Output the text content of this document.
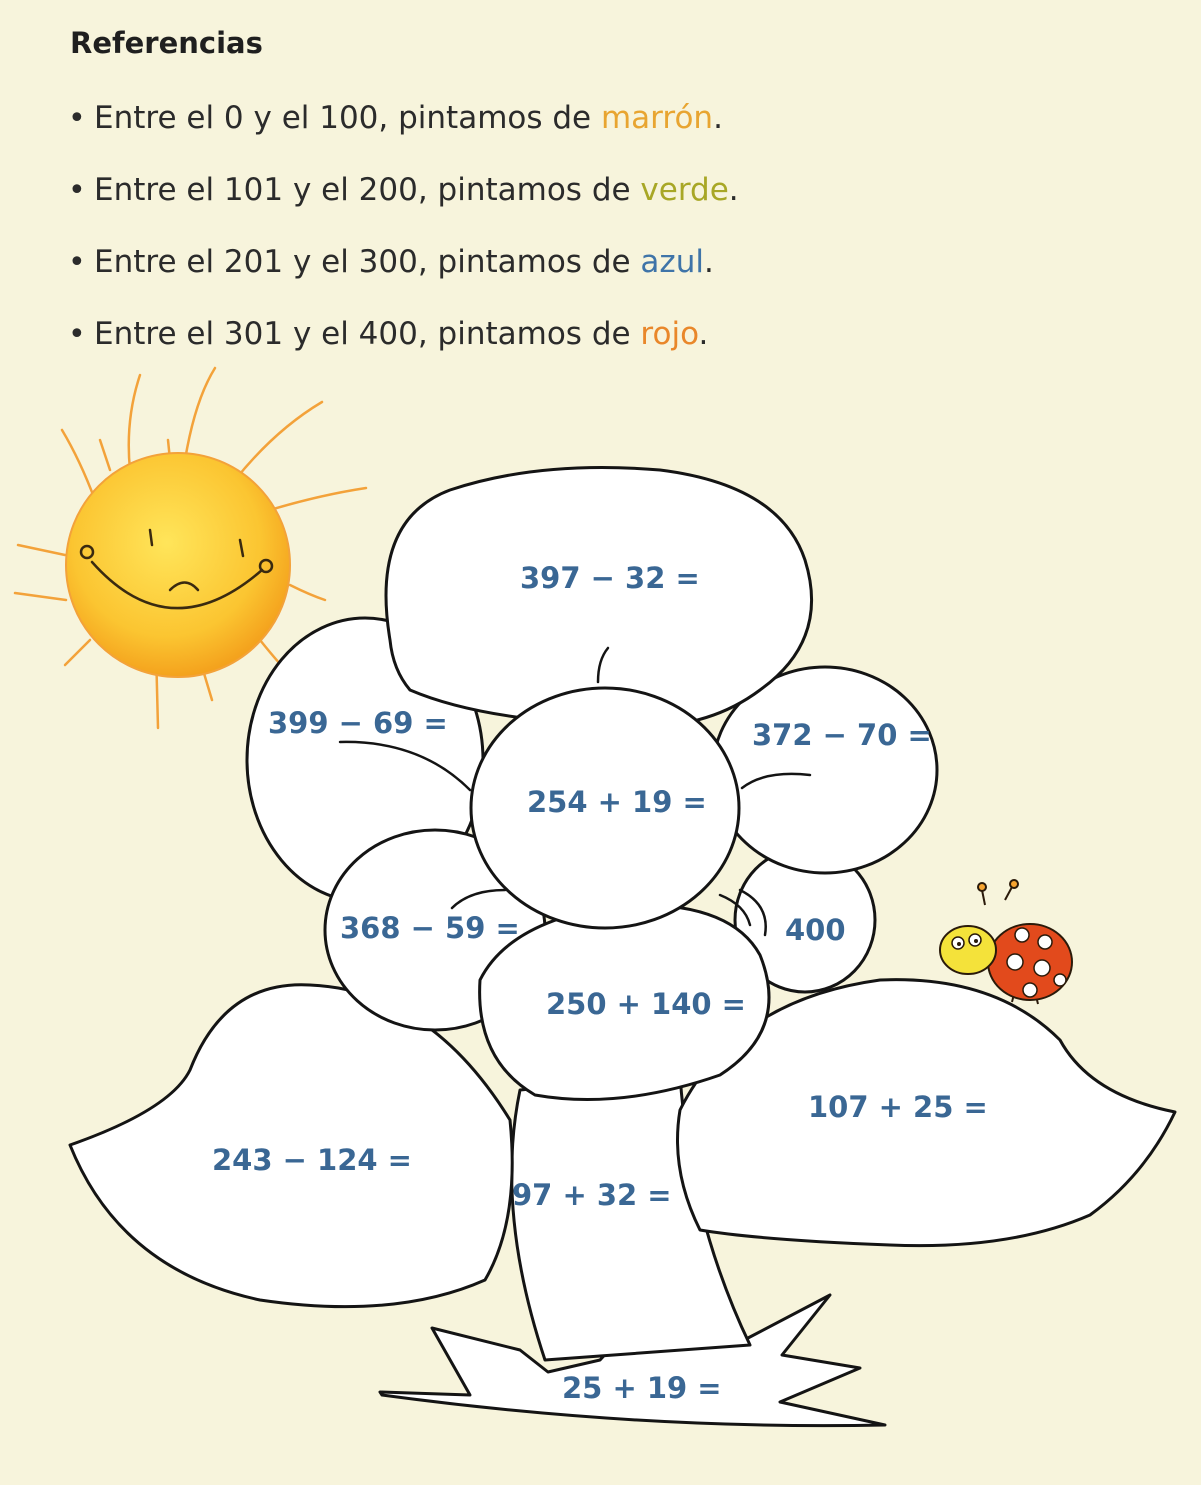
Referencias
• Entre el 0 y el 100, pintamos de marrón.
• Entre el 101 y el 200, pintamos de verde.
• Entre el 201 y el 300, pintamos de azul.
• Entre el 301 y el 400, pintamos de rojo.
397 − 32 =
399 − 69 =	372 − 70 =
254 + 19 =
368 − 59 =	400
250 + 140 =
243 − 124 =
107 + 25 =
97 + 32 =
25 + 19 =
